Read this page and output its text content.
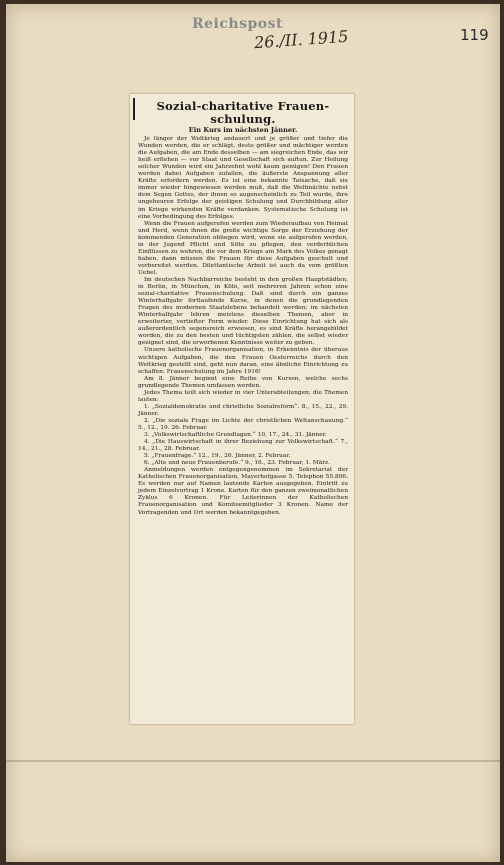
Reichspost
26./II. 1915	119
Sozial-charitative Frauen-
schulung.
Ein Kurs im nächsten Jänner.

Je länger der Weltkrieg andauert und je größer und tiefer die Wunden werden, die er schlägt, desto größer und mächtiger werden die Aufgaben, die am Ende desselben — am siegreichen Ende, das wir heiß erflehen — vor Staat und Gesellschaft sich auftun. Zur Heilung solcher Wunden wird ein Jahrzehnt wohl kaum genügen! Den Frauen werden dabei Aufgaben zufallen, die äußerste Anspannung aller Kräfte erfordern werden. Es ist eine bekannte Tatsache, daß sie immer wieder hingewiesen werden muß, daß die Weltmächte nebst dem Segen Gottes, der ihnen so augenscheinlich zu Teil wurde, ihre ungeheuren Erfolge der geistigen Schulung und Durchbildung aller im Kriege wirkenden Kräfte verdanken. Systematische Schulung ist eine Vorbedingung des Erfolges.

Wenn die Frauen aufgerufen werden zum Wiederaufbau von Heimat und Herd, wenn ihnen die große wichtige Sorge der Erziehung der kommenden Generation obliegen wird, wenn sie aufgerufen werden, in der Jugend Pflicht und Sitte zu pflegen, den verderblichen Einflüssen zu wehren, die vor dem Kriege am Mark des Volkes genagt haben, dann müssen die Frauen für diese Aufgaben geschult und vorbereitet werden. Dilettantische Arbeit ist auch da vom größten Uebel.

Im deutschen Nachbarreiche besteht in den großen Hauptstädten, in Berlin, in München, in Köln, seit mehreren Jahren schon eine sozial-charitative Frauenschulung. Daß sind durch ein ganzes Winterhalbjahr fortlaufende Kurse, in denen die grundlegenden Fragen des modernen Staatslebens behandelt werden; im nächsten Winterhalbjahr lehren meistens dieselben Themen, aber in erweiterter, vertiefter Form wieder. Diese Einrichtung hat sich als außerordentlich segensreich erwiesen, es sind Kräfte herangebildet worden, die zu den besten und tüchtigsten zählen, die selbst wieder geeignet sind, die erworbenen Kenntnisse weiter zu geben.

Unsere katholische Frauenorganisation, in Erkenntnis der überaus wichtigen Aufgaben, die den Frauen Oesterreichs durch den Weltkrieg gestellt sind, geht nun daran, eine ähnliche Einrichtung zu schaffen: Frauenschulung im Jahre 1916!

Am 8. Jänner beginnt eine Reihe von Kursen, welche sechs grundlegende Themen umfassen werden.

Jedes Thema teilt sich wieder in vier Unterabteilungen; die Themen lauten:

1. „Sozialdemokratie und christliche Sozialreform“. 8., 15., 22., 29. Jänner.
2. „Die soziale Frage im Lichte der christlichen Weltanschauung.“ 5., 12., 19. 26. Februar.
3. „Volkswirtschaftliche Grundlagen.“ 10, 17., 24., 31. Jänner.
4. „Die Hauswirtschaft in ihrer Beziehung zur Volkswirtschaft.“ 7., 14., 21., 28. Februar.
5. „Frauenfrage.“ 12., 19., 26. Jänner, 2. Februar.
6. „Alte und neue Frauenberufe.“ 9., 16., 23. Februar, 1. März.

Anmeldungen werden entgegengenommen im Sekretariat der Katholischen Frauenorganisation, Mayerhofgasse 5. Telephon 55.806. Es werden nur auf Namen lautende Karten ausgegeben. Eintritt zu jedem Einzelvortrag 1 Krone. Karten für den ganzen zweimonatlichen Zyklus 6 Kronen. Für Leiterinnen der Katholischen Frauenorganisation und Komiteemitglieder 3 Kronen. Name der Vortragenden und Ort werden bekanntgegeben.
